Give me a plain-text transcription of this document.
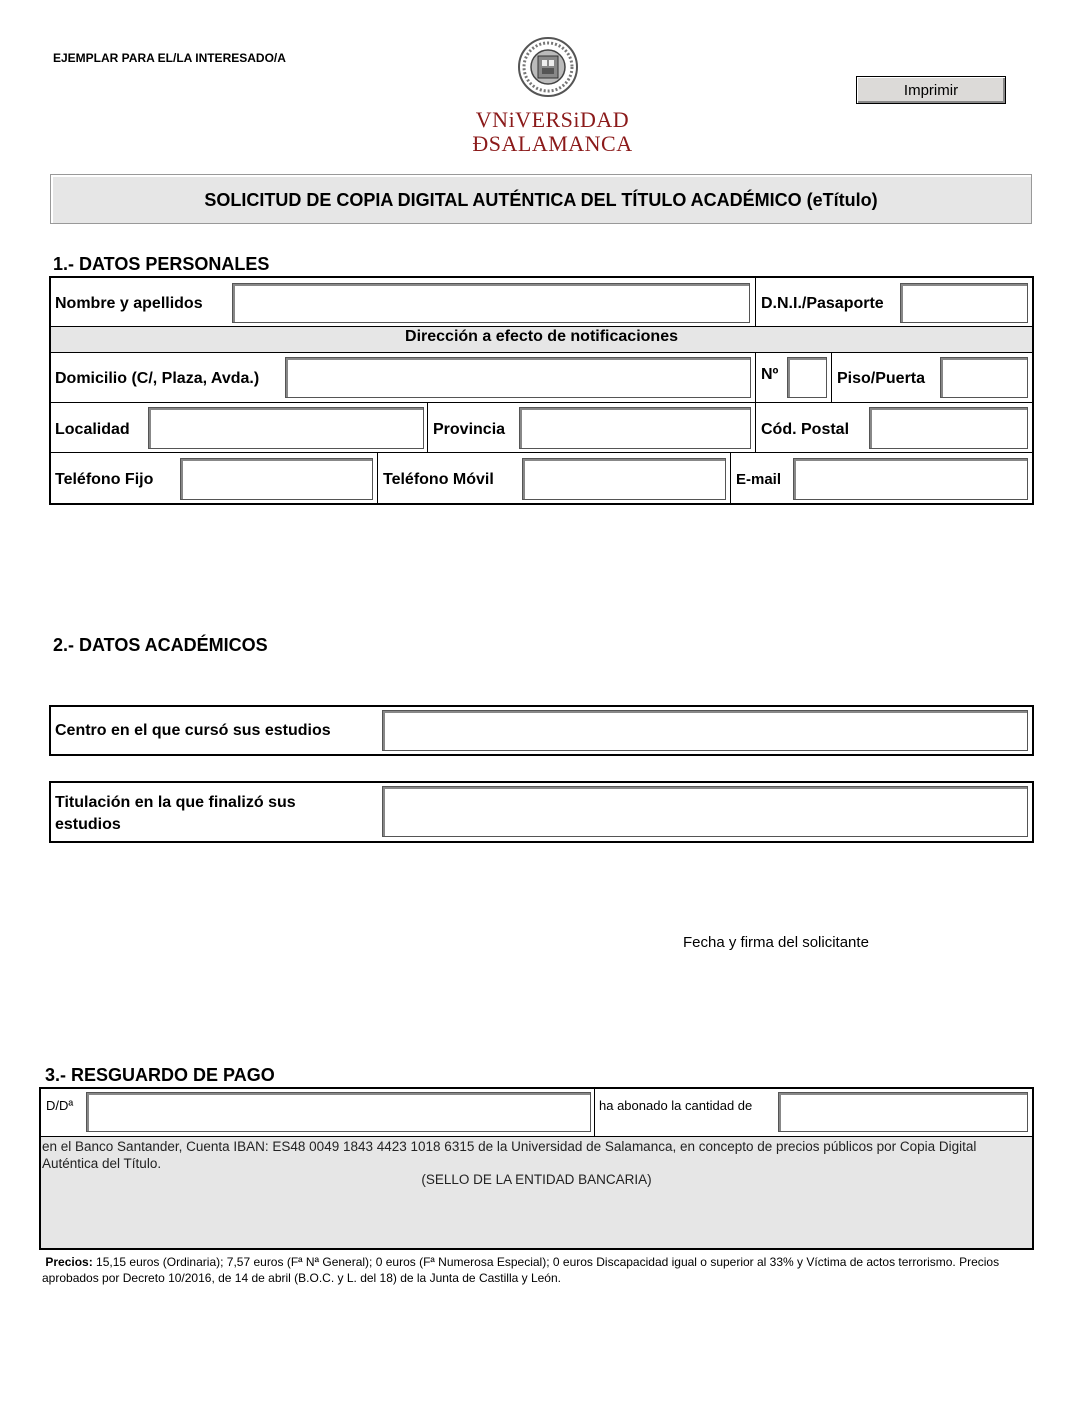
EJEMPLAR PARA EL/LA INTERESADO/A
VNiVERSiDAD
ÐSALAMANCA
Imprimir
SOLICITUD DE COPIA DIGITAL AUTÉNTICA DEL TÍTULO ACADÉMICO (eTítulo)
1.- DATOS PERSONALES
Dirección a efecto de notificaciones
Nombre y apellidos	D.N.I./Pasaporte
Domicilio (C/, Plaza, Avda.)	Nº	Piso/Puerta
Localidad	Provincia	Cód. Postal
Teléfono Fijo	Teléfono Móvil	E-mail
2.- DATOS ACADÉMICOS
Centro en el que cursó sus estudios
Titulación en la que finalizó sus estudios
Fecha y firma del solicitante
3.- RESGUARDO DE PAGO
D/Dª	ha abonado la cantidad de
en el Banco Santander, Cuenta IBAN: ES48 0049 1843 4423 1018 6315 de la Universidad de Salamanca, en concepto de precios públicos por Copia Digital Auténtica del Título.
(SELLO DE LA ENTIDAD BANCARIA)
Precios: 15,15 euros (Ordinaria); 7,57 euros (Fª Nª General); 0 euros (Fª Numerosa Especial); 0 euros Discapacidad igual o superior al 33% y Víctima de actos terrorismo. Precios aprobados por Decreto 10/2016, de 14 de abril (B.O.C. y L. del 18) de la Junta de Castilla y León.
